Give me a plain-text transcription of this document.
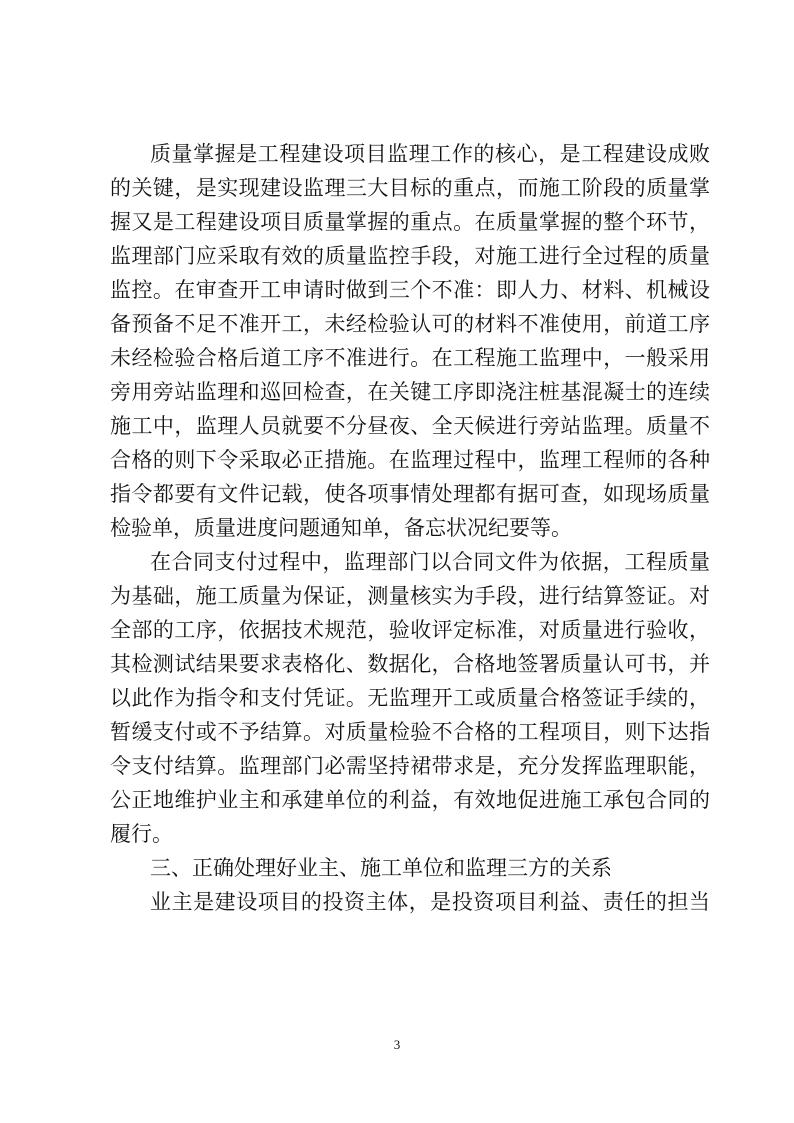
质量掌握是工程建设项目监理工作的核心，是工程建设成败
的关键，是实现建设监理三大目标的重点，而施工阶段的质量掌
握又是工程建设项目质量掌握的重点。在质量掌握的整个环节，
监理部门应采取有效的质量监控手段，对施工进行全过程的质量
监控。在审查开工申请时做到三个不准：即人力、材料、机械设
备预备不足不准开工，未经检验认可的材料不准使用，前道工序
未经检验合格后道工序不准进行。在工程施工监理中，一般采用
旁用旁站监理和巡回检查，在关键工序即浇注桩基混凝士的连续
施工中，监理人员就要不分昼夜、全天候进行旁站监理。质量不
合格的则下令采取必正措施。在监理过程中，监理工程师的各种
指令都要有文件记载，使各项事情处理都有据可查，如现场质量
检验单，质量进度问题通知单，备忘状况纪要等。
在合同支付过程中，监理部门以合同文件为依据，工程质量
为基础，施工质量为保证，测量核实为手段，进行结算签证。对
全部的工序，依据技术规范，验收评定标准，对质量进行验收，
其检测试结果要求表格化、数据化，合格地签署质量认可书，并
以此作为指令和支付凭证。无监理开工或质量合格签证手续的，
暂缓支付或不予结算。对质量检验不合格的工程项目，则下达指
令支付结算。监理部门必需坚持裙带求是，充分发挥监理职能，
公正地维护业主和承建单位的利益，有效地促进施工承包合同的
履行。
三、正确处理好业主、施工单位和监理三方的关系
业主是建设项目的投资主体，是投资项目利益、责任的担当
3
